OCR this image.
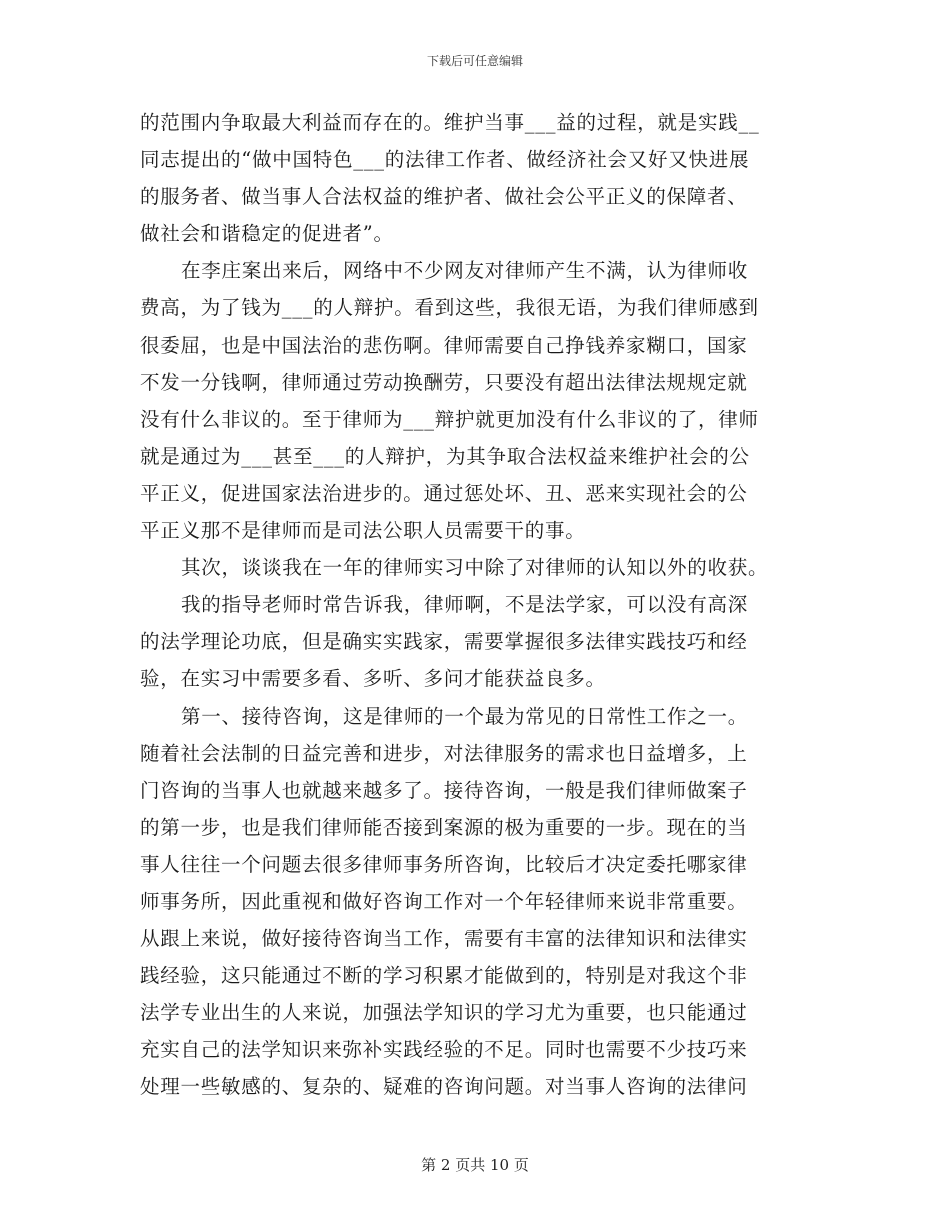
下载后可任意编辑
的范围内争取最大利益而存在的。维护当事___益的过程，就是实践__
同志提出的“做中国特色___的法律工作者、做经济社会又好又快进展
的服务者、做当事人合法权益的维护者、做社会公平正义的保障者、
做社会和谐稳定的促进者”。
在李庄案出来后，网络中不少网友对律师产生不满，认为律师收
费高，为了钱为___的人辩护。看到这些，我很无语，为我们律师感到
很委屈，也是中国法治的悲伤啊。律师需要自己挣钱养家糊口，国家
不发一分钱啊，律师通过劳动换酬劳，只要没有超出法律法规规定就
没有什么非议的。至于律师为___辩护就更加没有什么非议的了，律师
就是通过为___甚至___的人辩护，为其争取合法权益来维护社会的公
平正义，促进国家法治进步的。通过惩处坏、丑、恶来实现社会的公
平正义那不是律师而是司法公职人员需要干的事。
其次，谈谈我在一年的律师实习中除了对律师的认知以外的收获。
我的指导老师时常告诉我，律师啊，不是法学家，可以没有高深
的法学理论功底，但是确实实践家，需要掌握很多法律实践技巧和经
验，在实习中需要多看、多听、多问才能获益良多。
第一、接待咨询，这是律师的一个最为常见的日常性工作之一。
随着社会法制的日益完善和进步，对法律服务的需求也日益增多，上
门咨询的当事人也就越来越多了。接待咨询，一般是我们律师做案子
的第一步，也是我们律师能否接到案源的极为重要的一步。现在的当
事人往往一个问题去很多律师事务所咨询，比较后才决定委托哪家律
师事务所，因此重视和做好咨询工作对一个年轻律师来说非常重要。
从跟上来说，做好接待咨询当工作，需要有丰富的法律知识和法律实
践经验，这只能通过不断的学习积累才能做到的，特别是对我这个非
法学专业出生的人来说，加强法学知识的学习尤为重要，也只能通过
充实自己的法学知识来弥补实践经验的不足。同时也需要不少技巧来
处理一些敏感的、复杂的、疑难的咨询问题。对当事人咨询的法律问
第 2 页共 10 页
